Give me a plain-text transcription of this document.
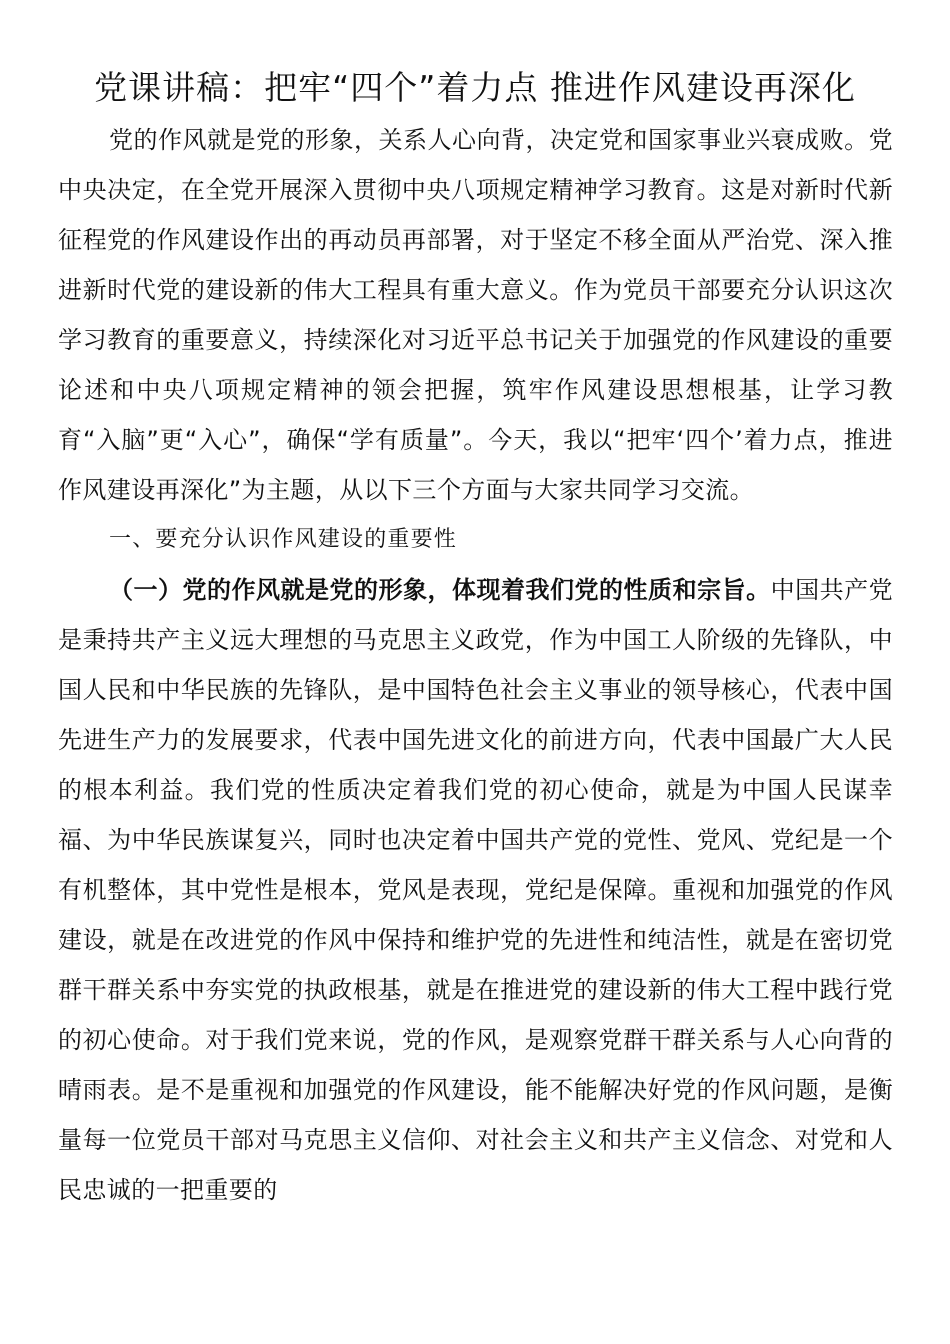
党课讲稿：把牢“四个”着力点 推进作风建设再深化

党的作风就是党的形象，关系人心向背，决定党和国家事业兴衰成败。党中央决定，在全党开展深入贯彻中央八项规定精神学习教育。这是对新时代新征程党的作风建设作出的再动员再部署，对于坚定不移全面从严治党、深入推进新时代党的建设新的伟大工程具有重大意义。作为党员干部要充分认识这次学习教育的重要意义，持续深化对习近平总书记关于加强党的作风建设的重要论述和中央八项规定精神的领会把握，筑牢作风建设思想根基，让学习教育“入脑”更“入心”，确保“学有质量”。今天，我以“把牢‘四个’着力点，推进作风建设再深化”为主题，从以下三个方面与大家共同学习交流。

一、要充分认识作风建设的重要性

（一）党的作风就是党的形象，体现着我们党的性质和宗旨。中国共产党是秉持共产主义远大理想的马克思主义政党，作为中国工人阶级的先锋队，中国人民和中华民族的先锋队，是中国特色社会主义事业的领导核心，代表中国先进生产力的发展要求，代表中国先进文化的前进方向，代表中国最广大人民的根本利益。我们党的性质决定着我们党的初心使命，就是为中国人民谋幸福、为中华民族谋复兴，同时也决定着中国共产党的党性、党风、党纪是一个有机整体，其中党性是根本，党风是表现，党纪是保障。重视和加强党的作风建设，就是在改进党的作风中保持和维护党的先进性和纯洁性，就是在密切党群干群关系中夯实党的执政根基，就是在推进党的建设新的伟大工程中践行党的初心使命。对于我们党来说，党的作风，是观察党群干群关系与人心向背的晴雨表。是不是重视和加强党的作风建设，能不能解决好党的作风问题，是衡量每一位党员干部对马克思主义信仰、对社会主义和共产主义信念、对党和人民忠诚的一把重要的
